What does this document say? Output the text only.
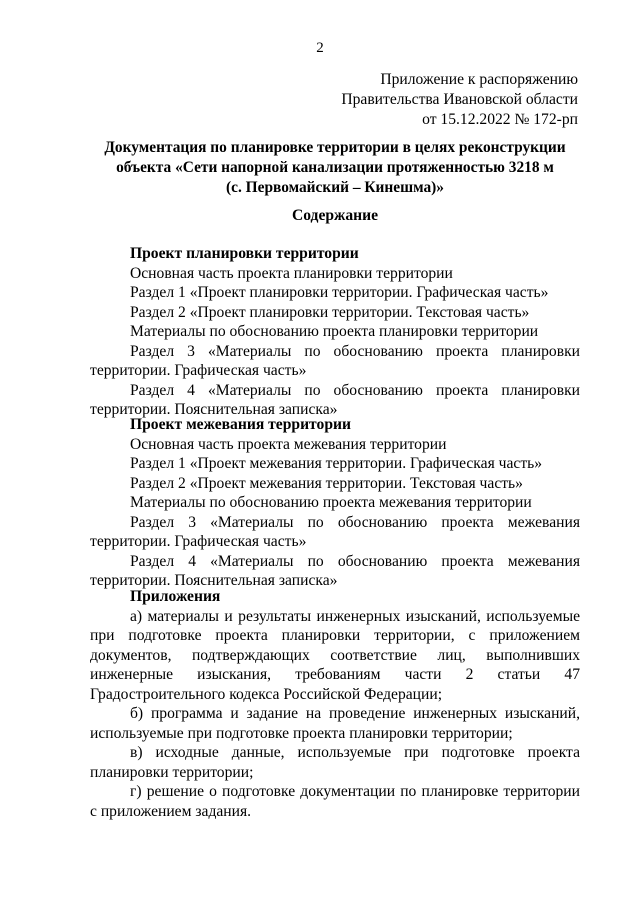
2
Приложение к распоряжению
Правительства Ивановской области
от 15.12.2022 № 172-рп
Документация по планировке территории в целях реконструкции
объекта «Сети напорной канализации протяженностью 3218 м
(с. Первомайский – Кинешма)»
Содержание
Проект планировки территории
Основная часть проекта планировки территории
Раздел 1 «Проект планировки территории. Графическая часть»
Раздел 2 «Проект планировки территории. Текстовая часть»
Материалы по обоснованию проекта планировки территории
Раздел 3 «Материалы по обоснованию проекта планировки
территории. Графическая часть»
Раздел 4 «Материалы по обоснованию проекта планировки
территории. Пояснительная записка»
Проект межевания территории
Основная часть проекта межевания территории
Раздел 1 «Проект межевания территории. Графическая часть»
Раздел 2 «Проект межевания территории. Текстовая часть»
Материалы по обоснованию проекта межевания территории
Раздел 3 «Материалы по обоснованию проекта межевания
территории. Графическая часть»
Раздел 4 «Материалы по обоснованию проекта межевания
территории. Пояснительная записка»
Приложения
а) материалы и результаты инженерных изысканий, используемые
при подготовке проекта планировки территории, с приложением
документов, подтверждающих соответствие лиц, выполнивших
инженерные изыскания, требованиям части 2 статьи 47
Градостроительного кодекса Российской Федерации;
б) программа и задание на проведение инженерных изысканий,
используемые при подготовке проекта планировки территории;
в) исходные данные, используемые при подготовке проекта
планировки территории;
г) решение о подготовке документации по планировке территории
с приложением задания.
